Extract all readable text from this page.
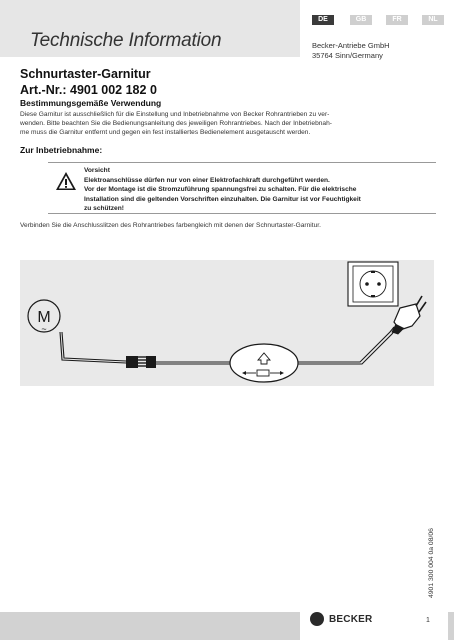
Technische Information
DE	GB	FR	NL
Becker-Antriebe GmbH
35764 Sinn/Germany
Schnurtaster-Garnitur
Art.-Nr.: 4901 002 182 0
Bestimmungsgemäße Verwendung
Diese Garnitur ist ausschließlich für die Einstellung und Inbetriebnahme von Becker Rohrantrieben zu ver-
wenden. Bitte beachten Sie die Bedienungsanleitung des jeweiligen Rohrantriebes. Nach der Inbetriebnah-
me muss die Garnitur entfernt und gegen ein fest installiertes Bedienelement ausgetauscht werden.
Zur Inbetriebnahme:
Vorsicht
Elektroanschlüsse dürfen nur von einer Elektrofachkraft durchgeführt werden.
Vor der Montage ist die Stromzuführung spannungsfrei zu schalten. Für die elektrische
Installation sind die geltenden Vorschriften einzuhalten. Die Garnitur ist vor Feuchtigkeit
zu schützen!
Verbinden Sie die Anschlusslitzen des Rohrantriebes farbengleich mit denen der Schnurtaster-Garnitur.
M
~
4901 300 004 0a 08/06
BECKER	1
